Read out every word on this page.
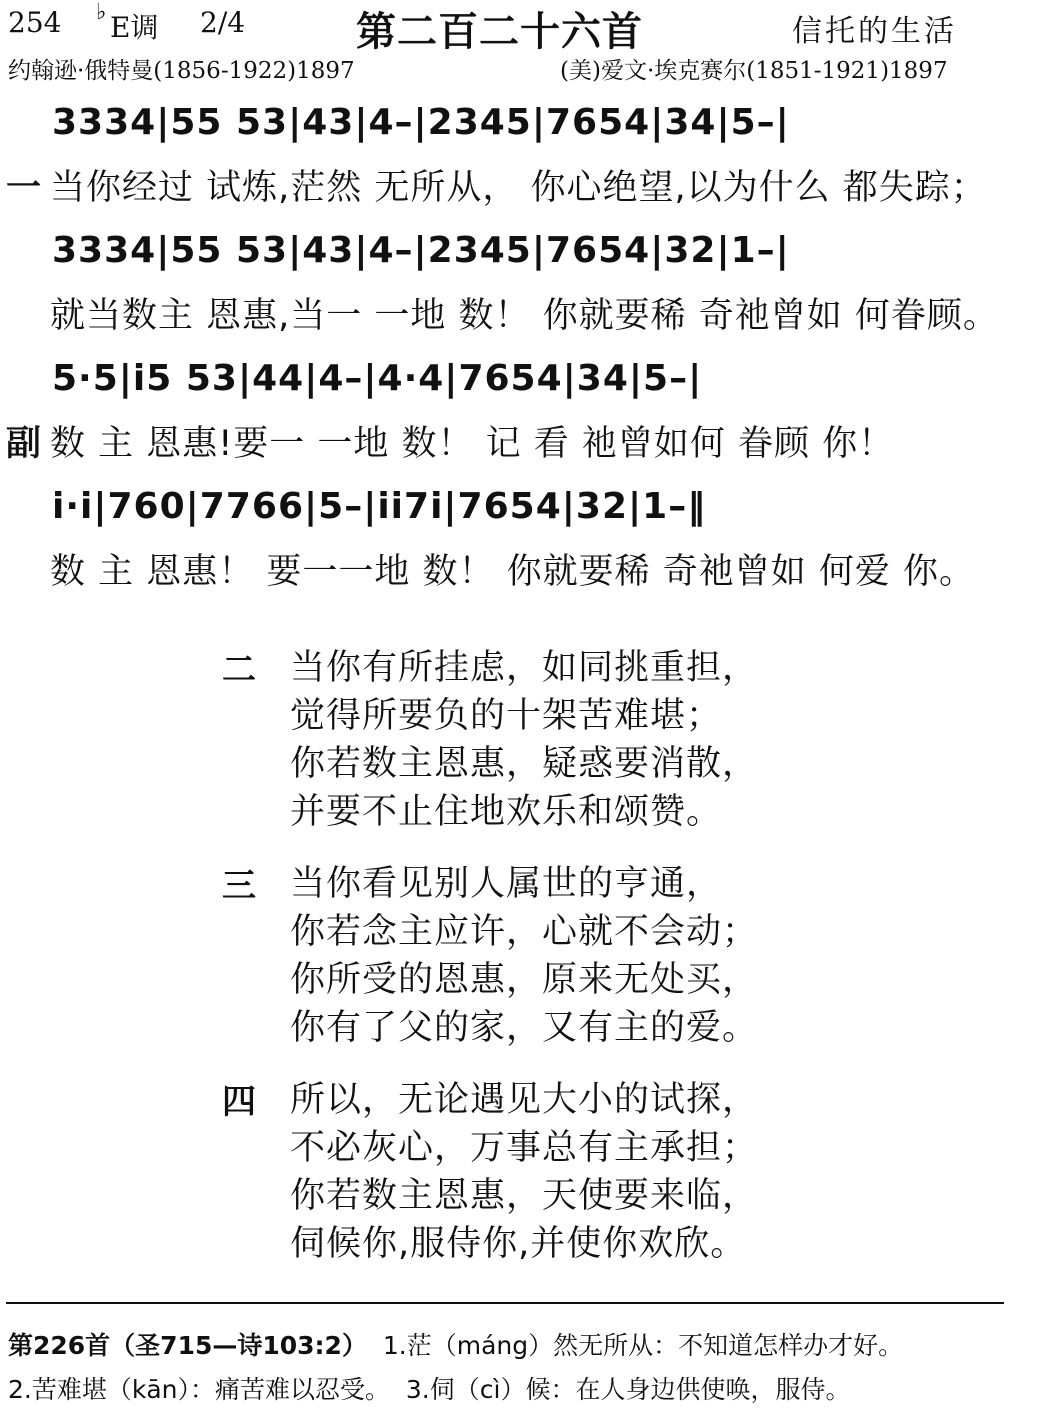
254 ♭ E调 2/4	第二百二十六首	信托的生活
约翰逊·俄特曼(1856-1922)1897	(美)爱文·埃克赛尔(1851-1921)1897
3334|55 53|43|4–|2345|7654|34|5–|
一 当你经过 试炼,茫然 无所从， 你心绝望,以为什么 都失踪；
3334|55 53|43|4–|2345|7654|32|1–|
就当数主 恩惠,当一 一地 数！ 你就要稀 奇祂曾如 何眷顾。
5·5|i5 53|44|4–|4·4|7654|34|5–|
副 数 主 恩惠!要一 一地 数！ 记 看 祂曾如何 眷顾 你！
i·i|760|7766|5–|ii7i|7654|32|1–‖
数 主 恩惠！ 要一一地 数！ 你就要稀 奇祂曾如 何爱 你。
二 当你有所挂虑，如同挑重担，
觉得所要负的十架苦难堪；
你若数主恩惠，疑惑要消散，
并要不止住地欢乐和颂赞。
三 当你看见别人属世的亨通，
你若念主应许，心就不会动；
你所受的恩惠，原来无处买，
你有了父的家，又有主的爱。
四 所以，无论遇见大小的试探，
不必灰心，万事总有主承担；
你若数主恩惠，天使要来临，
伺候你,服侍你,并使你欢欣。
第226首（圣715—诗103:2） 1.茫（máng）然无所从：不知道怎样办才好。
2.苦难堪（kān）：痛苦难以忍受。 3.伺（cì）候：在人身边供使唤，服侍。
